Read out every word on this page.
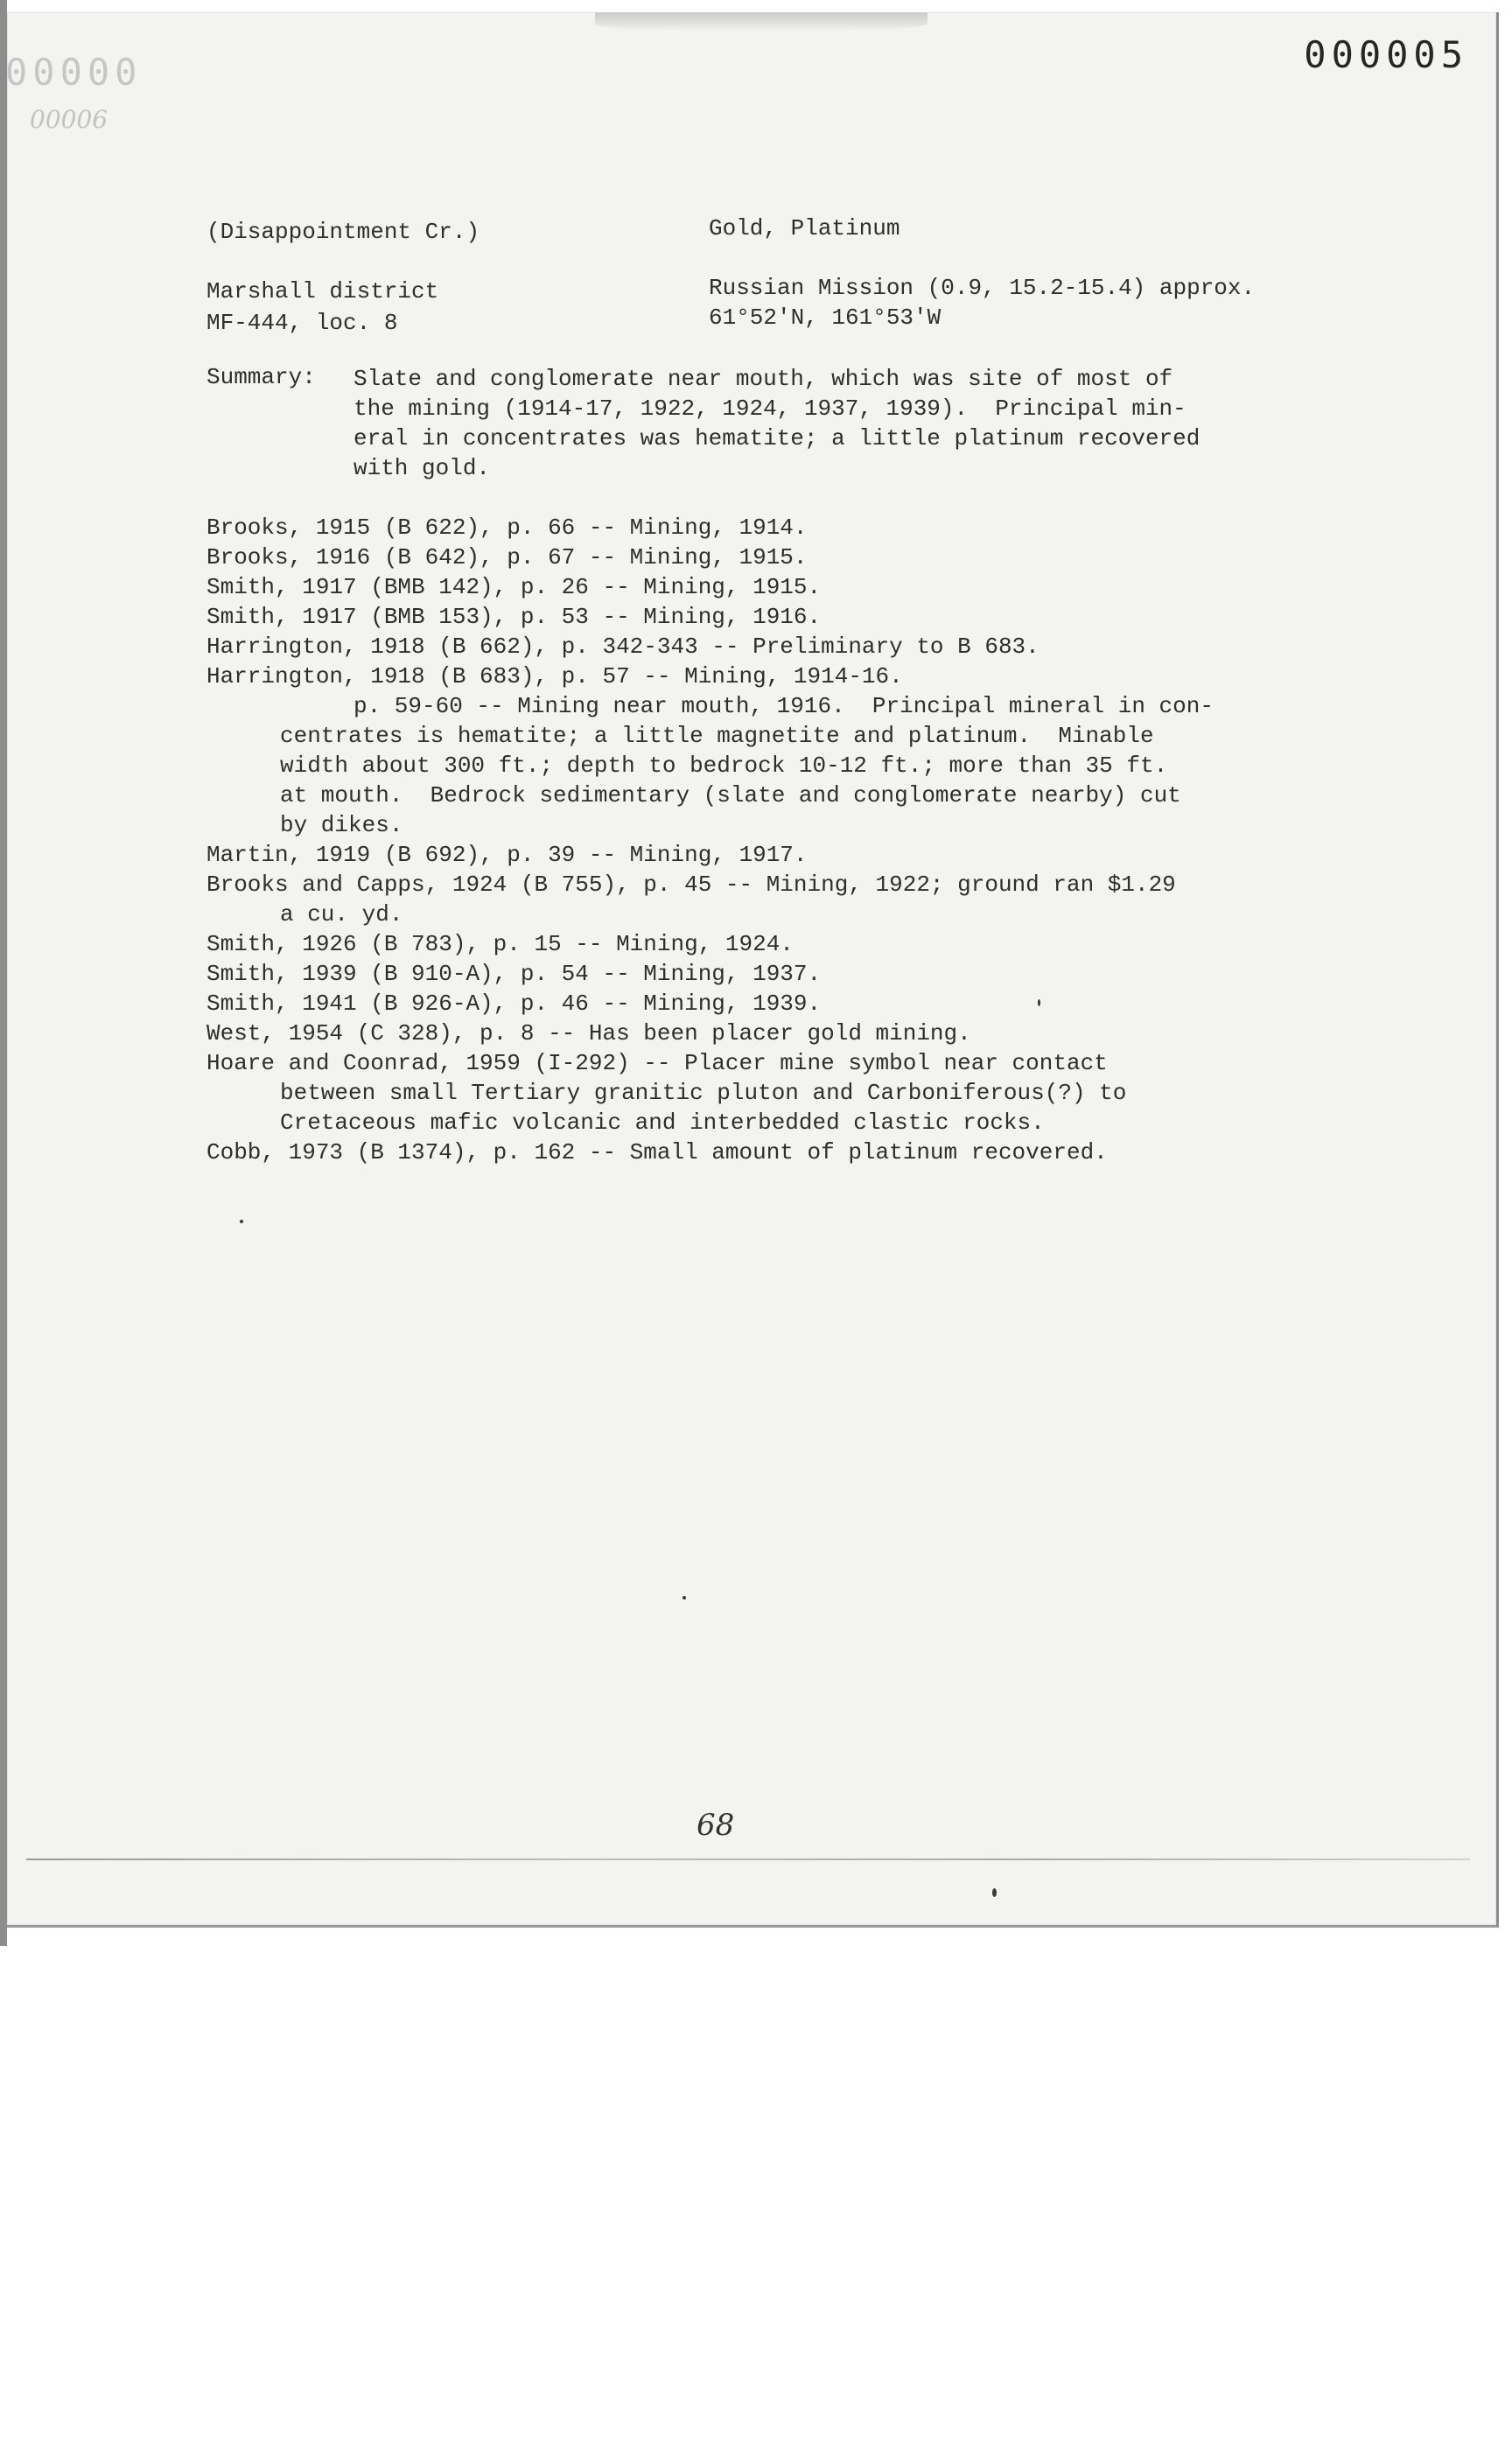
00000
00006
000005
(Disappointment Cr.)	Gold, Platinum
Marshall district
MF-444, loc. 8
Russian Mission (0.9, 15.2-15.4) approx.
61°52'N, 161°53'W
Summary: Slate and conglomerate near mouth, which was site of most of
the mining (1914-17, 1922, 1924, 1937, 1939).  Principal min-
eral in concentrates was hematite; a little platinum recovered
with gold.
Brooks, 1915 (B 622), p. 66 -- Mining, 1914.
Brooks, 1916 (B 642), p. 67 -- Mining, 1915.
Smith, 1917 (BMB 142), p. 26 -- Mining, 1915.
Smith, 1917 (BMB 153), p. 53 -- Mining, 1916.
Harrington, 1918 (B 662), p. 342-343 -- Preliminary to B 683.
Harrington, 1918 (B 683), p. 57 -- Mining, 1914-16.
p. 59-60 -- Mining near mouth, 1916.  Principal mineral in con-
centrates is hematite; a little magnetite and platinum.  Minable
width about 300 ft.; depth to bedrock 10-12 ft.; more than 35 ft.
at mouth.  Bedrock sedimentary (slate and conglomerate nearby) cut
by dikes.
Martin, 1919 (B 692), p. 39 -- Mining, 1917.
Brooks and Capps, 1924 (B 755), p. 45 -- Mining, 1922; ground ran $1.29
a cu. yd.
Smith, 1926 (B 783), p. 15 -- Mining, 1924.
Smith, 1939 (B 910-A), p. 54 -- Mining, 1937.
Smith, 1941 (B 926-A), p. 46 -- Mining, 1939.
West, 1954 (C 328), p. 8 -- Has been placer gold mining.
Hoare and Coonrad, 1959 (I-292) -- Placer mine symbol near contact
between small Tertiary granitic pluton and Carboniferous(?) to
Cretaceous mafic volcanic and interbedded clastic rocks.
Cobb, 1973 (B 1374), p. 162 -- Small amount of platinum recovered.
68
